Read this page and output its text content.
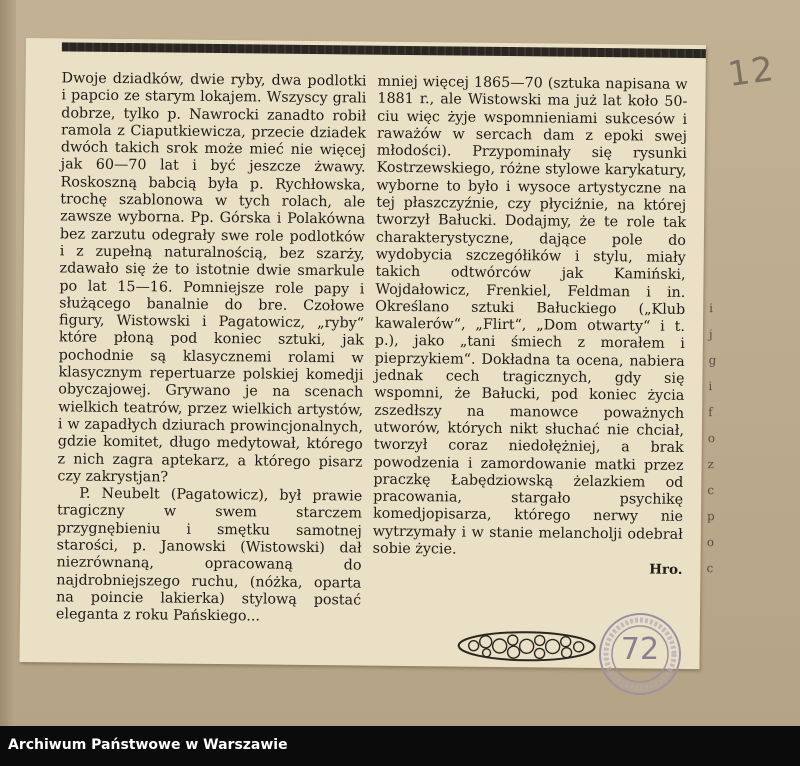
12

Dwoje dziadków, dwie ryby, dwa podlotki i papcio ze starym lokajem. Wszyscy grali dobrze, tylko p. Nawrocki zanadto robił ramola z Ciaputkiewicza, przecie dziadek dwóch takich srok może mieć nie więcej jak 60—70 lat i być jeszcze żwawy. Roskoszną babcią była p. Rychłowska, trochę szablonowa w tych rolach, ale zawsze wyborna. Pp. Górska i Polakówna bez zarzutu odegrały swe role podlotków i z zupełną naturalnością, bez szarży, zdawało się że to istotnie dwie smarkule po lat 15—16. Pomniejsze role papy i służącego banalnie do bre. Czołowe figury, Wistowski i Pagatowicz, „ryby“ które płoną pod koniec sztuki, jak pochodnie są klasycznemi rolami w klasycznym repertuarze polskiej komedji obyczajowej. Grywano je na scenach wielkich teatrów, przez wielkich artystów, i w zapadłych dziurach prowincjonalnych, gdzie komitet, długo medytował, którego z nich zagra aptekarz, a którego pisarz czy zakrystjan?

P. Neubelt (Pagatowicz), był prawie tragiczny w swem starczem przygnębieniu i smętku samotnej starości, p. Janowski (Wistowski) dał niezrównaną, opracowaną do najdrobniejszego ruchu, (nóżka, oparta na poincie lakierka) stylową postać eleganta z roku Pańskiego...

mniej więcej 1865—70 (sztuka napisana w 1881 r., ale Wistowski ma już lat koło 50-ciu więc żyje wspomnieniami sukcesów i raważów w sercach dam z epoki swej młodości). Przypominały się rysunki Kostrzewskiego, różne stylowe karykatury, wyborne to było i wysoce artystyczne na tej płaszczyźnie, czy płyciźnie, na której tworzył Bałucki. Dodajmy, że te role tak charakterystyczne, dające pole do wydobycia szczegółików i stylu, miały takich odtwórców jak Kamiński, Wojdałowicz, Frenkiel, Feldman i in. Określano sztuki Bałuckiego („Klub kawalerów“, „Flirt“, „Dom otwarty“ i t. p.), jako „tani śmiech z morałem i pieprzykiem“. Dokładna ta ocena, nabiera jednak cech tragicznych, gdy się wspomni, że Bałucki, pod koniec życia zszedłszy na manowce poważnych utworów, których nikt słuchać nie chciał, tworzył coraz niedołężniej, a brak powodzenia i zamordowanie matki przez praczkę Łabędziowską żelazkiem od pracowania, stargało psychikę komedjopisarza, którego nerwy nie wytrzymały i w stanie melancholji odebrał sobie życie.

Hro.
i
j
g
i
f
o
z
c
p
o
c
72
Archiwum Państwowe w Warszawie
